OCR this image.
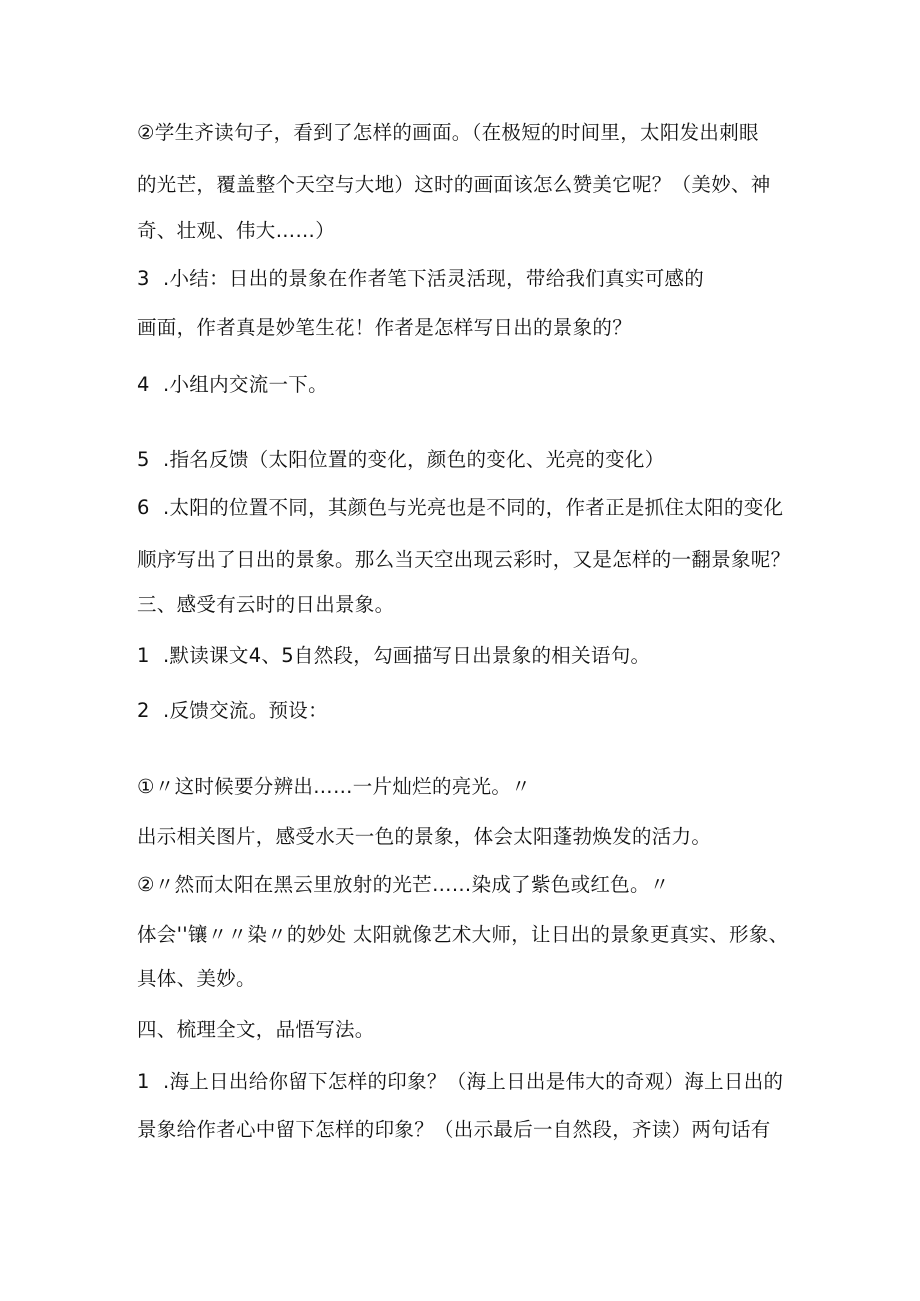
②学生齐读句子，看到了怎样的画面。（在极短的时间里，太阳发出刺眼
的光芒，覆盖整个天空与大地）这时的画面该怎么赞美它呢？（美妙、神
奇、壮观、伟大……）
3 .小结：日出的景象在作者笔下活灵活现，带给我们真实可感的
画面，作者真是妙笔生花！作者是怎样写日出的景象的？
4 .小组内交流一下。
5 .指名反馈（太阳位置的变化，颜色的变化、光亮的变化）
6 .太阳的位置不同，其颜色与光亮也是不同的，作者正是抓住太阳的变化
顺序写出了日出的景象。那么当天空出现云彩时，又是怎样的一翻景象呢？
三、感受有云时的日出景象。
1 .默读课文4、5自然段，勾画描写日出景象的相关语句。
2 .反馈交流。预设：
①〃这时候要分辨出……一片灿烂的亮光。〃
出示相关图片，感受水天一色的景象，体会太阳蓬勃焕发的活力。
②〃然而太阳在黑云里放射的光芒……染成了紫色或红色。〃
体会''镶〃〃染〃的妙处 太阳就像艺术大师，让日出的景象更真实、形象、
具体、美妙。
四、梳理全文，品悟写法。
1 .海上日出给你留下怎样的印象？（海上日出是伟大的奇观）海上日出的
景象给作者心中留下怎样的印象？（出示最后一自然段，齐读）两句话有
